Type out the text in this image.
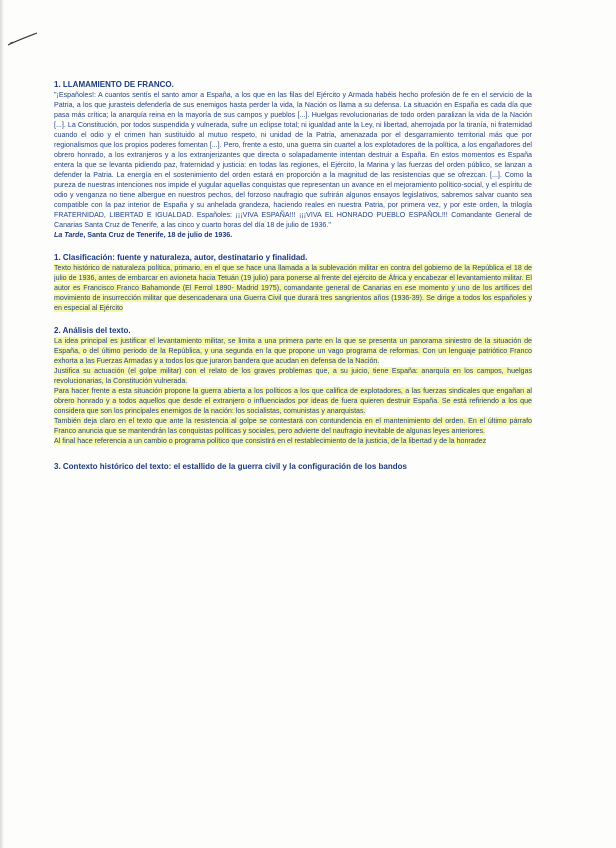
1. LLAMAMIENTO DE FRANCO.

"¡Españoles!: A cuantos sentís el santo amor a España, a los que en las filas del Ejército y Armada habéis hecho profesión de fe en el servicio de la Patria, a los que jurasteis defenderla de sus enemigos hasta perder la vida, la Nación os llama a su defensa. La situación en España es cada día que pasa más crítica; la anarquía reina en la mayoría de sus campos y pueblos [...]. Huelgas revolucionarias de todo orden paralizan la vida de la Nación [...]. La Constitución, por todos suspendida y vulnerada, sufre un eclipse total; ni igualdad ante la Ley, ni libertad, aherrojada por la tiranía, ni fraternidad cuando el odio y el crimen han sustituido al mutuo respeto, ni unidad de la Patria, amenazada por el desgarramiento territorial más que por regionalismos que los propios poderes fomentan [...]. Pero, frente a esto, una guerra sin cuartel a los explotadores de la política, a los engañadores del obrero honrado, a los extranjeros y a los extranjerizantes que directa o solapadamente intentan destruir a España. En estos momentos es España entera la que se levanta pidiendo paz, fraternidad y justicia: en todas las regiones, el Ejército, la Marina y las fuerzas del orden público, se lanzan a defender la Patria. La energía en el sostenimiento del orden estará en proporción a la magnitud de las resistencias que se ofrezcan. [...]. Como la pureza de nuestras intenciones nos impide el yugular aquellas conquistas que representan un avance en el mejoramiento político-social, y el espíritu de odio y venganza no tiene albergue en nuestros pechos, del forzoso naufragio que sufrirán algunos ensayos legislativos, sabremos salvar cuanto sea compatible con la paz interior de España y su anhelada grandeza, haciendo reales en nuestra Patria, por primera vez, y por este orden, la trilogía FRATERNIDAD, LIBERTAD E IGUALDAD. Españoles: ¡¡¡VIVA ESPAÑA!!! ¡¡¡VIVA EL HONRADO PUEBLO ESPAÑOL!!! Comandante General de Canarias Santa Cruz de Tenerife, a las cinco y cuarto horas del día 18 de julio de 1936."

La Tarde, Santa Cruz de Tenerife, 18 de julio de 1936.

1. Clasificación: fuente y naturaleza, autor, destinatario y finalidad.

Texto histórico de naturaleza política, primario, en el que se hace una llamada a la sublevación militar en contra del gobierno de la República el 18 de julio de 1936, antes de embarcar en avioneta hacia Tetuán (19 julio) para ponerse al frente del ejército de África y encabezar el levantamiento militar. El autor es Francisco Franco Bahamonde (El Ferrol 1890- Madrid 1975), comandante general de Canarias en ese momento y uno de los artífices del movimiento de insurrección militar que desencadenara una Guerra Civil que durará tres sangrientos años (1936-39). Se dirige a todos los españoles y en especial al Ejército

2. Análisis del texto.

La idea principal es justificar el levantamiento militar, se limita a una primera parte en la que se presenta un panorama siniestro de la situación de España, o del último periodo de la República, y una segunda en la que propone un vago programa de reformas. Con un lenguaje patriótico Franco exhorta a las Fuerzas Armadas y a todos los que juraron bandera que acudan en defensa de la Nación.

Justifica su actuación (el golpe militar) con el relato de los graves problemas que, a su juicio, tiene España: anarquía en los campos, huelgas revolucionarias, la Constitución vulnerada.

Para hacer frente a esta situación propone la guerra abierta a los políticos a los que califica de explotadores, a las fuerzas sindicales que engañan al obrero honrado y a todos aquellos que desde el extranjero o influenciados por ideas de fuera quieren destruir España. Se está refiriendo a los que considera que son los principales enemigos de la nación: los socialistas, comunistas y anarquistas.

También deja claro en el texto que ante la resistencia al golpe se contestará con contundencia en el mantenimiento del orden. En el último párrafo Franco anuncia que se mantendrán las conquistas políticas y sociales, pero advierte del naufragio inevitable de algunas leyes anteriores.

Al final hace referencia a un cambio o programa político que consistirá en el restablecimiento de la justicia, de la libertad y de la honradez

3. Contexto histórico del texto: el estallido de la guerra civil y la configuración de los bandos
